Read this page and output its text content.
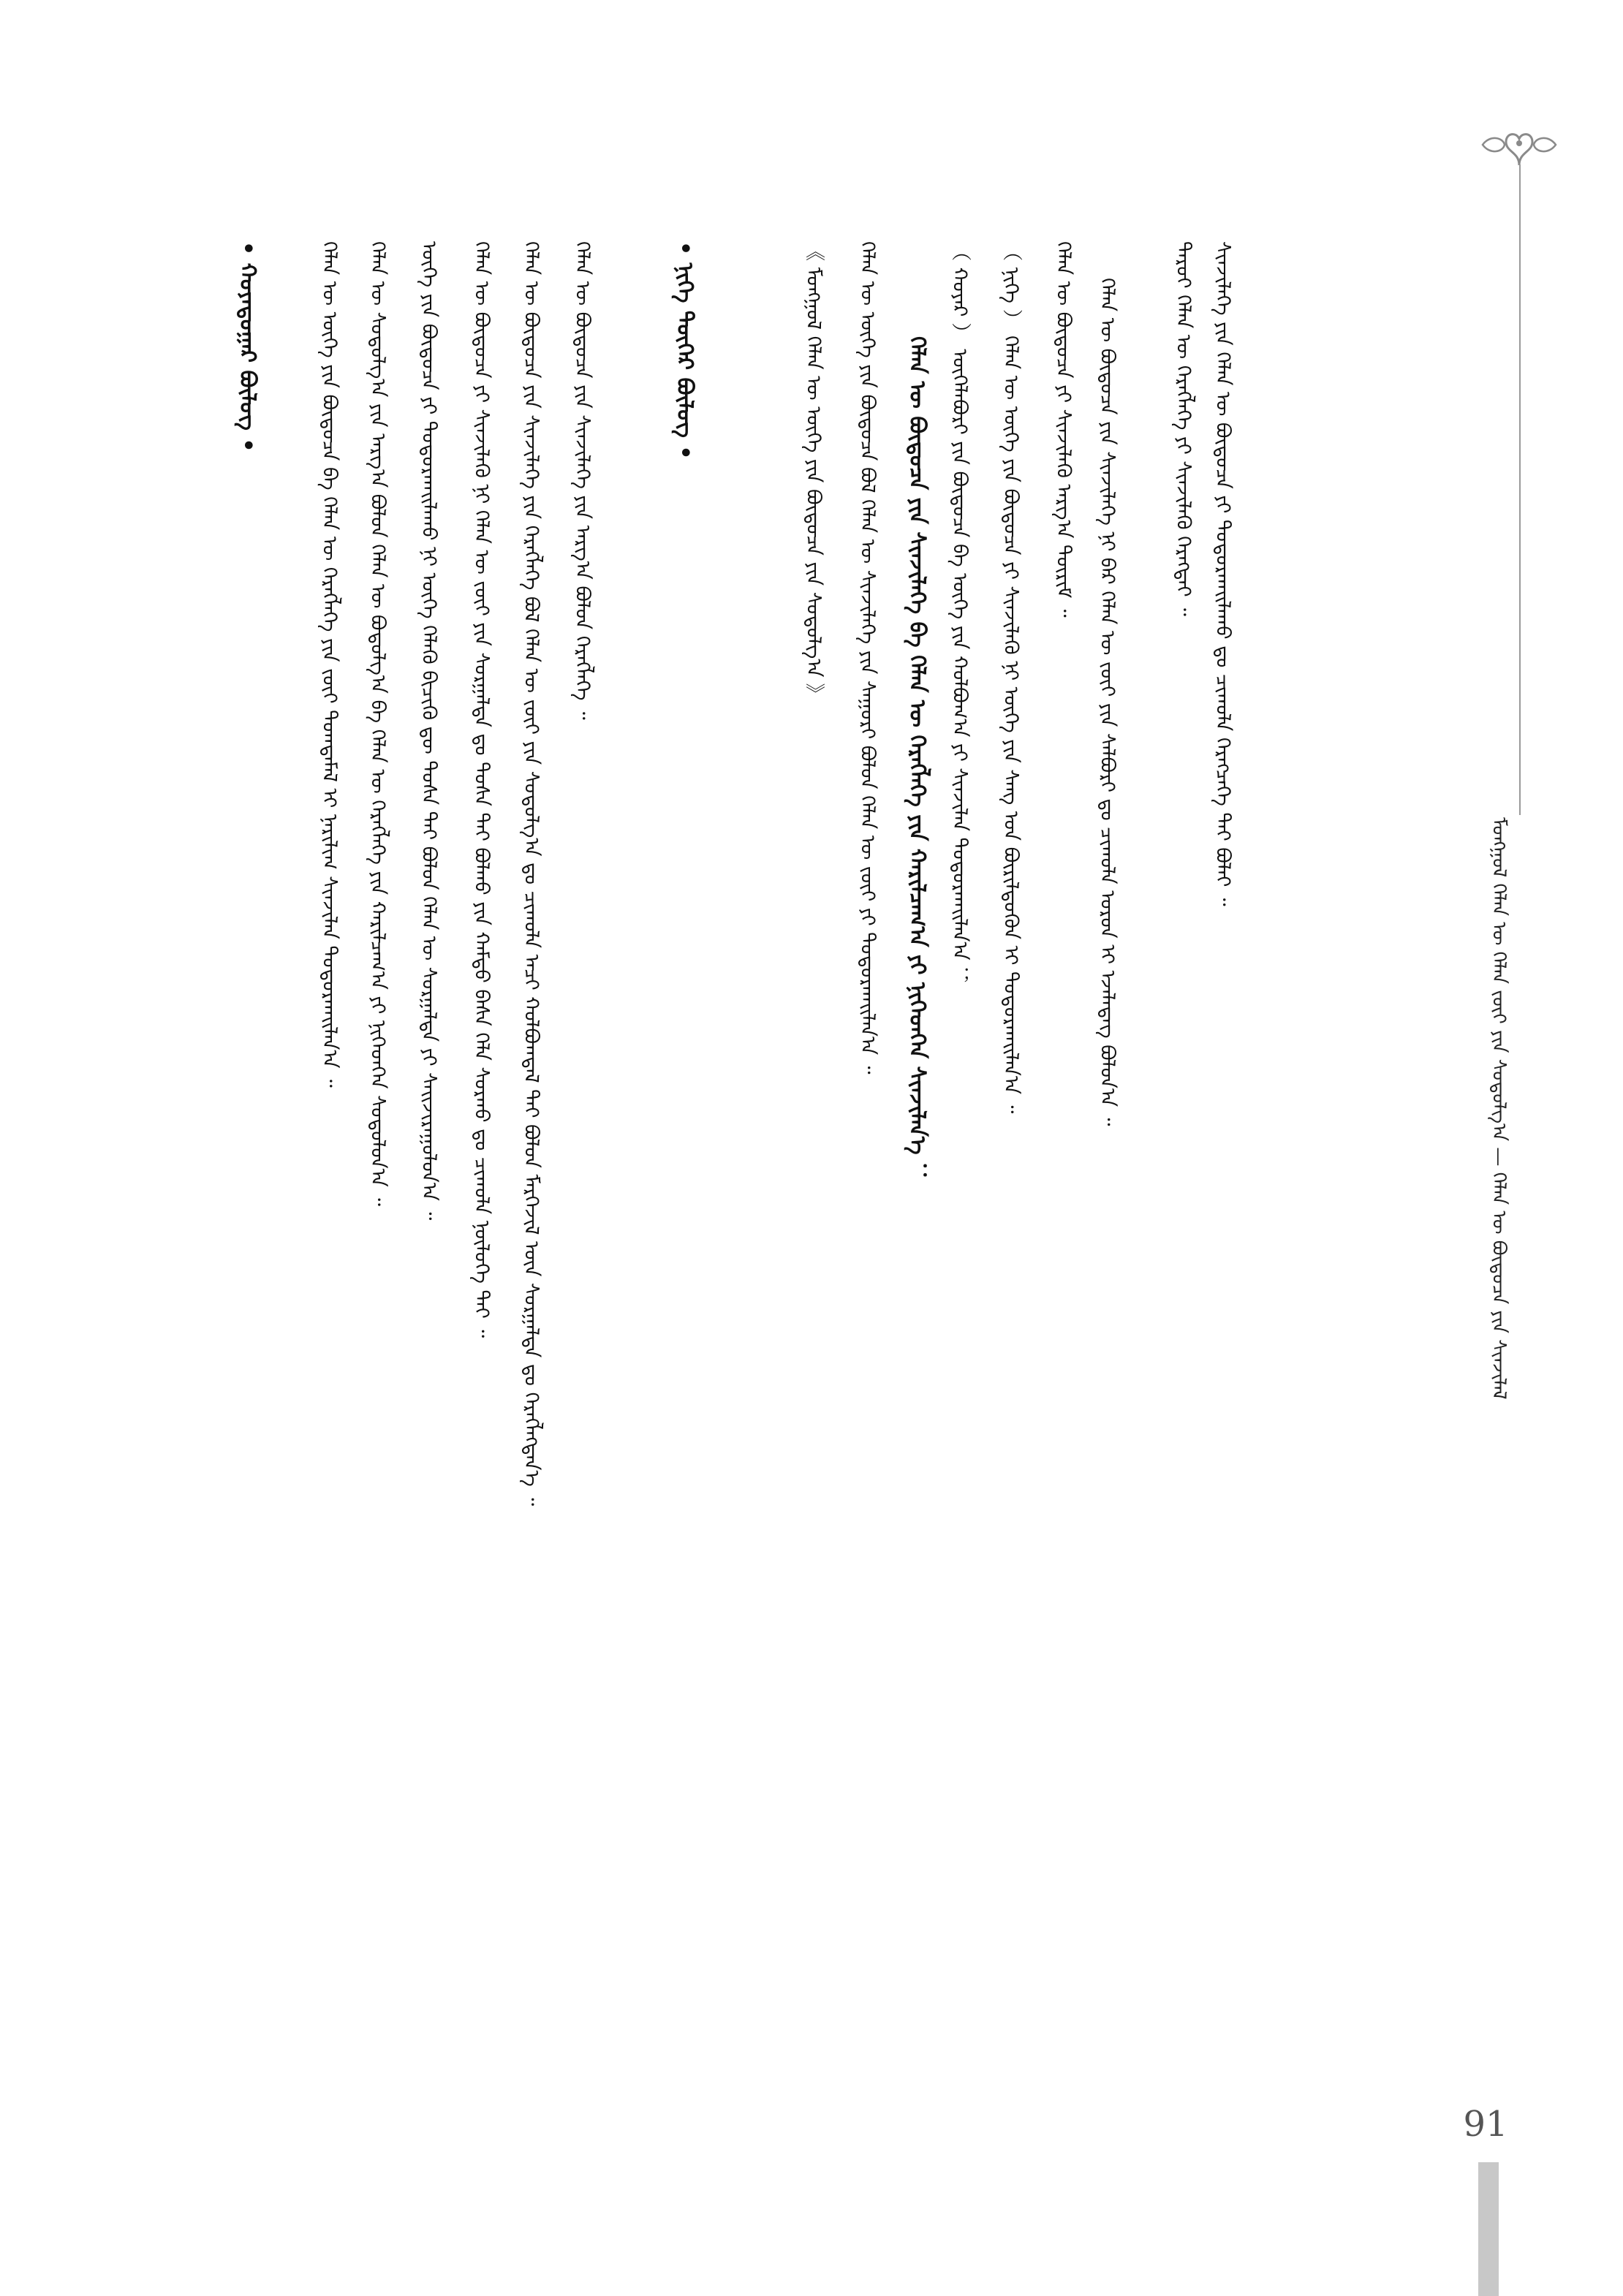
ᠮᠣᠩᠭᠣᠯ ᠬᠡᠯᠡᠨ ᠦ ᠬᠡᠯᠡᠨ ᠵᠦᠢ ᠶᠢᠨ ᠰᠤᠳᠤᠯᠭ᠎ᠠ — ᠬᠡᠯᠡᠨ ᠦ ᠪᠦᠲᠦᠴᠡ ᠶᠢᠨ ᠰᠢᠨᠵᠢᠯᠡᠯ
ᠰᠢᠨᠵᠢᠯᠡᠭᠡ ᠶᠢᠨ ᠬᠡᠯᠡᠨ ᠦ ᠪᠦᠲᠦᠴᠡ ᠶᠢ ᠲᠣᠳᠣᠷᠬᠠᠢᠯᠠᠬᠤ ᠳᠤ ᠴᠢᠬᠤᠯᠠ ᠬᠡᠷᠡᠭᠴᠡᠭᠡ ᠲᠠᠢ ᠪᠣᠯᠠᠢ ᠃
ᠳᠠᠷᠤᠢ ᠬᠡᠯᠡᠨ ᠦ ᠬᠡᠷᠡᠭᠯᠡᠭᠡ ᠶᠢ ᠰᠢᠨᠵᠢᠯᠡᠬᠦ ᠬᠡᠷᠡᠭᠲᠡᠢ ᠃
ᠬᠡᠯᠡᠨ ᠦ ᠪᠦᠲᠦᠴᠡ ᠶᠢᠨ ᠰᠢᠨᠵᠢᠯᠡᠭᠡ ᠨᠢ ᠪᠠᠷ ᠬᠡᠯᠡᠨ ᠦ ᠵᠦᠢ ᠶᠢᠨ ᠰᠠᠯᠪᠤᠷᠢ ᠳᠤ ᠴᠢᠬᠤᠯᠠ ᠣᠷᠣᠨ ᠢ ᠡᠵᠡᠯᠡᠳᠡᠭ ᠪᠣᠯᠤᠨ᠎ᠠ ᠃
ᠬᠡᠯᠡᠨ ᠦ ᠪᠦᠲᠦᠴᠡ ᠶᠢ ᠰᠢᠨᠵᠢᠯᠡᠬᠦ ᠠᠷᠭ᠎ᠠ ᠳᠦᠷᠢᠮ ᠃
（ ᠨᠢᠭᠡ ） ᠬᠡᠯᠡᠨ ᠦ ᠦᠭᠡ ᠶᠢᠨ ᠪᠦᠲᠦᠴᠡ ᠶᠢ ᠰᠢᠨᠵᠢᠯᠡᠬᠦ ᠨᠢ ᠦᠭᠡ ᠶᠢᠨ ᠰᠠᠩ ᠤᠨ ᠪᠦᠷᠢᠯᠳᠦᠭᠦᠨ ᠢ ᠲᠣᠳᠣᠷᠬᠠᠢᠯᠠᠨ᠎ᠠ ᠃
（ ᠬᠣᠶᠠᠷ ） ᠦᠭᠡᠯᠡᠪᠦᠷᠢ ᠶᠢᠨ ᠪᠦᠲᠦᠴᠡ ᠪᠠ ᠦᠭᠡ ᠶᠢᠨ ᠬᠣᠯᠪᠣᠭ᠎ᠠ ᠶᠢ ᠰᠢᠨᠵᠢᠯᠡᠨ ᠲᠣᠳᠣᠷᠬᠠᠢᠯᠠᠨ᠎ᠠ ；
ᠬᠡᠯᠡᠨ ᠦ ᠪᠦᠲᠦᠴᠡ ᠶᠢᠨ ᠰᠢᠨᠵᠢᠯᠡᠭᠡ ᠪᠠ ᠬᠡᠯᠡᠨ ᠦ ᠬᠡᠷᠡᠭᠯᠡᠭᠡ ᠶᠢᠨ ᠬᠠᠷᠢᠯᠴᠠᠭ᠎ᠠ ᠶᠢ ᠨᠢᠭᠡᠳᠬᠡᠨ ᠰᠢᠨᠵᠢᠯᠡᠨ᠎ᠡ ：
ᠬᠡᠯᠡᠨ ᠦ ᠦᠭᠡ ᠶᠢᠨ ᠪᠦᠲᠦᠴᠡ ᠪᠣᠯ ᠬᠡᠯᠡᠨ ᠦ ᠰᠢᠨᠵᠢᠯᠡᠭᠡ ᠶᠢᠨ ᠰᠠᠭᠤᠷᠢ ᠪᠣᠯᠤᠨ ᠬᠡᠯᠡᠨ ᠦ ᠵᠦᠢ ᠶᠢ ᠲᠣᠳᠣᠷᠬᠠᠢᠯᠠᠨ᠎ᠠ ᠃
《 ᠮᠣᠩᠭᠣᠯ ᠬᠡᠯᠡᠨ ᠦ ᠦᠭᠡ ᠶᠢᠨ ᠪᠦᠲᠦᠴᠡ ᠶᠢᠨ ᠰᠤᠳᠤᠯᠭ᠎ᠠ 》
• ᠨᠢᠭᠡ ᠳᠦᠭᠡᠷ ᠪᠦᠯᠦᠭ •
ᠬᠡᠯᠡᠨ ᠦ ᠪᠦᠲᠦᠴᠡ ᠶᠢᠨ ᠰᠢᠨᠵᠢᠯᠡᠭᠡ ᠶᠢᠨ ᠠᠷᠭ᠎ᠠ ᠪᠣᠯᠤᠨ ᠬᠡᠷᠡᠭᠯᠡᠭᠡ ᠃
ᠬᠡᠯᠡᠨ ᠦ ᠪᠦᠲᠦᠴᠡ ᠶᠢᠨ ᠰᠢᠨᠵᠢᠯᠡᠭᠡ ᠶᠢᠨ ᠬᠡᠷᠡᠭᠯᠡᠭᠡ ᠪᠣᠯ ᠬᠡᠯᠡᠨ ᠦ ᠵᠦᠢ ᠶᠢᠨ ᠰᠤᠳᠤᠯᠭ᠎ᠠ ᠳᠤ ᠴᠢᠬᠤᠯᠠ ᠠᠴᠢ ᠬᠣᠯᠪᠣᠭᠳᠠᠯ ᠲᠠᠢ ᠪᠣᠯᠤᠨ ᠮᠡᠷᠭᠡᠵᠢᠯ ᠦᠨ ᠰᠤᠷᠭᠠᠯᠲᠠ ᠳᠤ ᠬᠡᠷᠡᠭᠯᠡᠭᠳᠡᠨ᠎ᠡ ᠃
ᠬᠡᠯᠡᠨ ᠦ ᠪᠦᠲᠦᠴᠡ ᠶᠢ ᠰᠢᠨᠵᠢᠯᠡᠬᠦ ᠨᠢ ᠬᠡᠯᠡᠨ ᠦ ᠵᠦᠢ ᠶᠢᠨ ᠰᠣᠷᠭᠠᠯᠲᠠ ᠳᠤ ᠲᠤᠰᠠ ᠲᠠᠢ ᠪᠣᠯᠬᠤ ᠶᠢᠨ ᠬᠠᠮᠲᠤ ᠪᠠᠰᠠ ᠬᠡᠯᠡ ᠰᠤᠷᠬᠤ ᠳᠤ ᠴᠢᠬᠤᠯᠠ ᠨᠥᠯᠦᠭᠡ ᠲᠠᠢ ᠃
ᠦᠭᠡ ᠶᠢᠨ ᠪᠦᠲᠦᠴᠡ ᠶᠢ ᠲᠣᠳᠣᠷᠬᠠᠢᠯᠠᠬᠤ ᠨᠢ ᠦᠭᠡ ᠬᠡᠯᠡᠬᠦ ᠪᠢᠴᠢᠬᠦ ᠳᠦ ᠲᠤᠰᠠ ᠲᠠᠢ ᠪᠣᠯᠤᠨ ᠬᠡᠯᠡᠨ ᠦ ᠰᠤᠷᠭᠠᠯᠲᠠ ᠶᠢ ᠰᠠᠢᠵᠢᠷᠠᠭᠤᠯᠤᠨ᠎ᠠ ᠃
ᠬᠡᠯᠡᠨ ᠦ ᠰᠤᠳᠤᠯᠭ᠎ᠠ ᠶᠢᠨ ᠠᠷᠭ᠎ᠠ ᠪᠣᠯᠤᠨ ᠬᠡᠯᠡᠨ ᠦ ᠪᠣᠳᠤᠯᠭ᠎ᠠ ᠪᠠ ᠬᠡᠯᠡᠨ ᠦ ᠬᠡᠷᠡᠭᠯᠡᠭᠡ ᠶᠢᠨ ᠬᠠᠷᠢᠯᠴᠠᠭ᠎ᠠ ᠶᠢ ᠨᠢᠭᠡᠳᠬᠡᠨ ᠰᠤᠳᠤᠯᠤᠨ᠎ᠠ ᠃
ᠬᠡᠯᠡᠨ ᠦ ᠦᠭᠡ ᠶᠢᠨ ᠪᠦᠲᠦᠴᠡ ᠪᠠ ᠬᠡᠯᠡᠨ ᠦ ᠬᠡᠷᠡᠭᠯᠡᠭᠡ ᠶᠢᠨ ᠵᠦᠢ ᠲᠣᠭᠲᠠᠮᠠᠯ ᠢ ᠨᠠᠷᠢᠯᠢᠭ ᠰᠢᠨᠵᠢᠯᠡᠨ ᠲᠣᠳᠣᠷᠬᠠᠢᠯᠠᠨ᠎ᠠ ᠃
• ᠬᠣᠶᠠᠳᠤᠭᠠᠷ ᠪᠦᠯᠦᠭ •
91
